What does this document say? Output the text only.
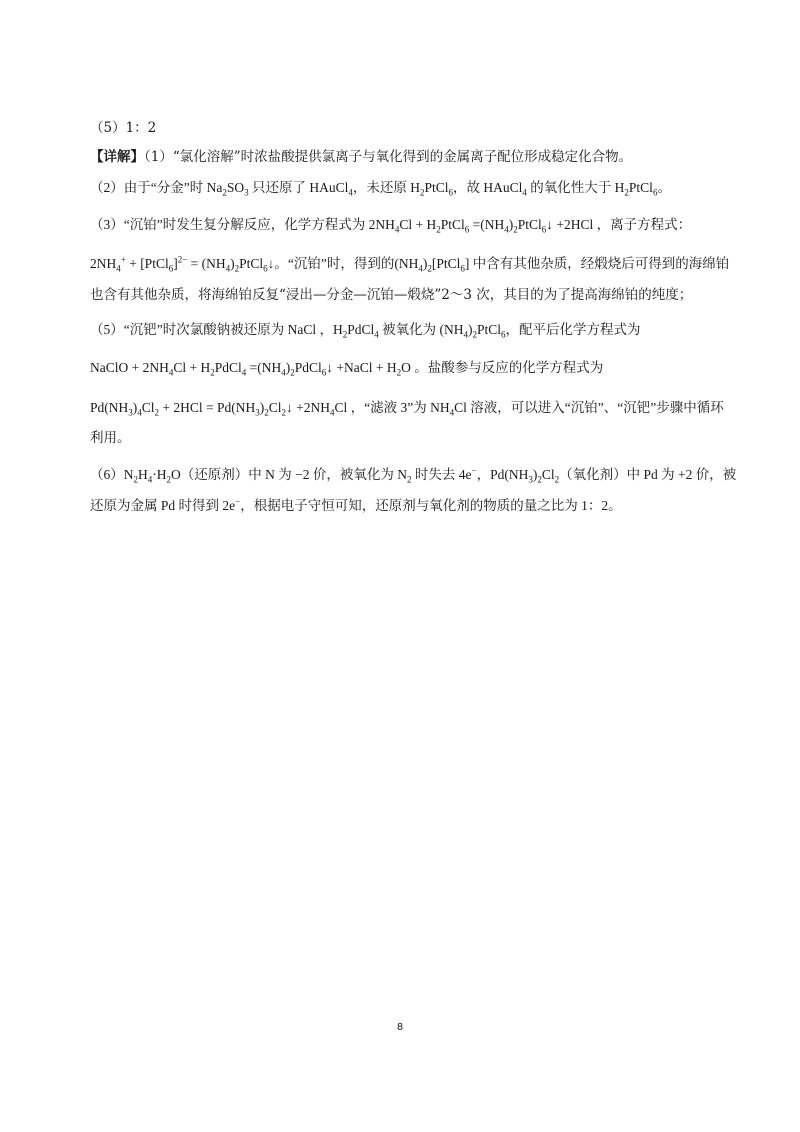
（5）1：2
【详解】（1）“氯化溶解”时浓盐酸提供氯离子与氧化得到的金属离子配位形成稳定化合物。
（2）由于“分金”时 $Na_2SO_3$ 只还原了 HAuCl$_4$，未还原 $H_2PtCl_6$，故 HAuCl$_4$ 的氧化性大于 $H_2PtCl_6$。
（3）“沉铂”时发生复分解反应，化学方程式为 $2NH_4Cl$ + $H_2PtCl_6$ $=(NH_4)_2PtCl_6↓ +2HCl$ ，离子方程式：
$2NH_4^+$ + [PtCl$_6$]$^{2-}$ = $(NH_4)_2PtCl_6↓$。“沉铂”时，得到的$(NH_4)_2[PtCl_6]$ 中含有其他杂质，经煅烧后可得到的海绵铂
也含有其他杂质，将海绵铂反复“浸出—分金—沉铂—煅烧”2～3 次，其目的为了提高海绵铂的纯度；
（5）“沉钯”时次氯酸钠被还原为 NaCl ，$H_2PdCl_4$ 被氧化为 $(NH_4)_2PtCl_6$，配平后化学方程式为
NaClO + $2NH_4Cl$ + $H_2PdCl_4$ $=(NH_4)_2PdCl_6↓$ +NaCl + $H_2O$ 。盐酸参与反应的化学方程式为
$Pd(NH_3)_4Cl_2 + 2HCl$ = $Pd(NH_3)_2Cl_2↓ +2NH_4Cl$ ，“滤液 3”为 $NH_4Cl$ 溶液，可以进入“沉铂”、“沉钯”步骤中循环
利用。
$(6)N_2H_4\cdot H_2O$（还原剂）中 N 为 −2 价，被氧化为 $N_2$ 时失去 4e−，$Pd(NH_3)_2Cl_2$（氧化剂）中 Pd 为 +2 价，被
还原为金属 Pd 时得到 2e−，根据电子守恒可知，还原剂与氧化剂的物质的量之比为 1：2。
8
